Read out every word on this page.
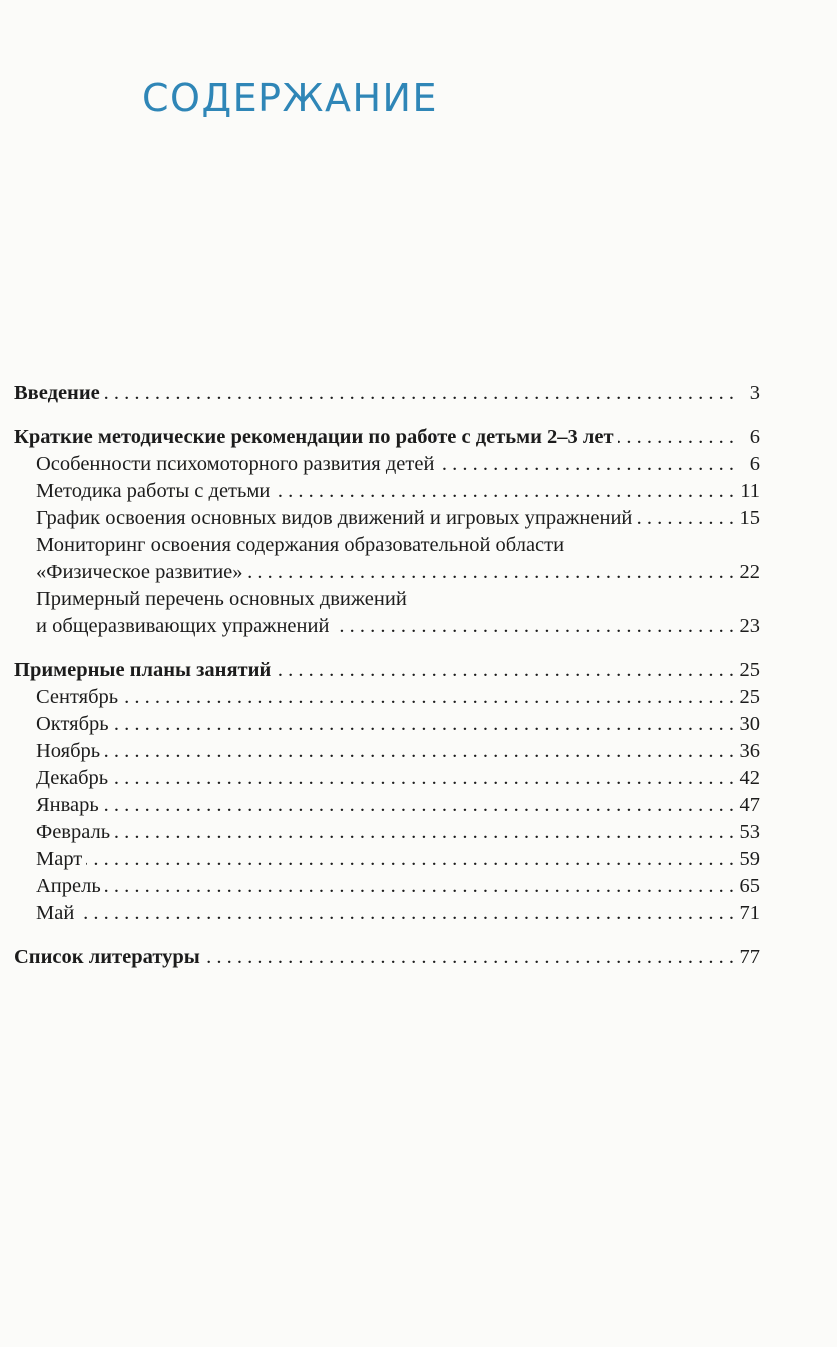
СОДЕРЖАНИЕ
Введение . . .	3
Краткие методические рекомендации по работе с детьми 2–3 лет . . .	6
Особенности психомоторного развития детей . . .	6
Методика работы с детьми . . .	11
График освоения основных видов движений и игровых упражнений . . .	15
Мониторинг освоения содержания образовательной области
«Физическое развитие» . . .	22
Примерный перечень основных движений
и общеразвивающих упражнений . . .	23
Примерные планы занятий . . .	25
Сентябрь . . .	25
Октябрь . . .	30
Ноябрь . . .	36
Декабрь . . .	42
Январь . . .	47
Февраль . . .	53
Март . . .	59
Апрель . . .	65
Май . . .	71
Список литературы . . .	77
